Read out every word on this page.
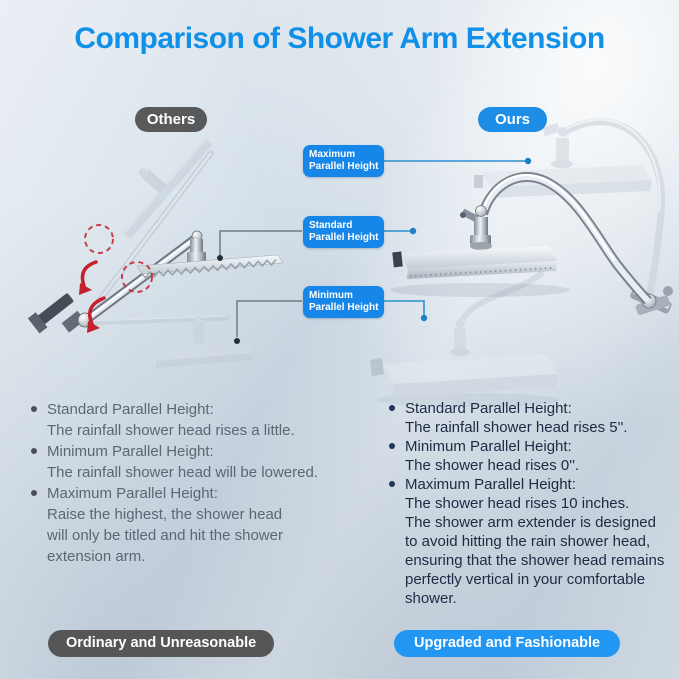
Comparison of Shower Arm Extension
Others	Ours
Maximum
Parallel Height
Standard
Parallel Height
Minimum
Parallel Height
Standard Parallel Height:
The rainfall shower head rises a little.
Minimum Parallel Height:
The rainfall shower head will be lowered.
Maximum Parallel Height:
Raise the highest, the shower head
will only be titled and hit the shower
extension arm.
Standard Parallel Height:
The rainfall shower head rises 5''.
Minimum Parallel Height:
The shower head rises 0''.
Maximum Parallel Height:
The shower head rises 10 inches.
The shower arm extender is designed
to avoid hitting the rain shower head,
ensuring that the shower head remains
perfectly vertical in your comfortable
shower.
Ordinary and Unreasonable	Upgraded and Fashionable
